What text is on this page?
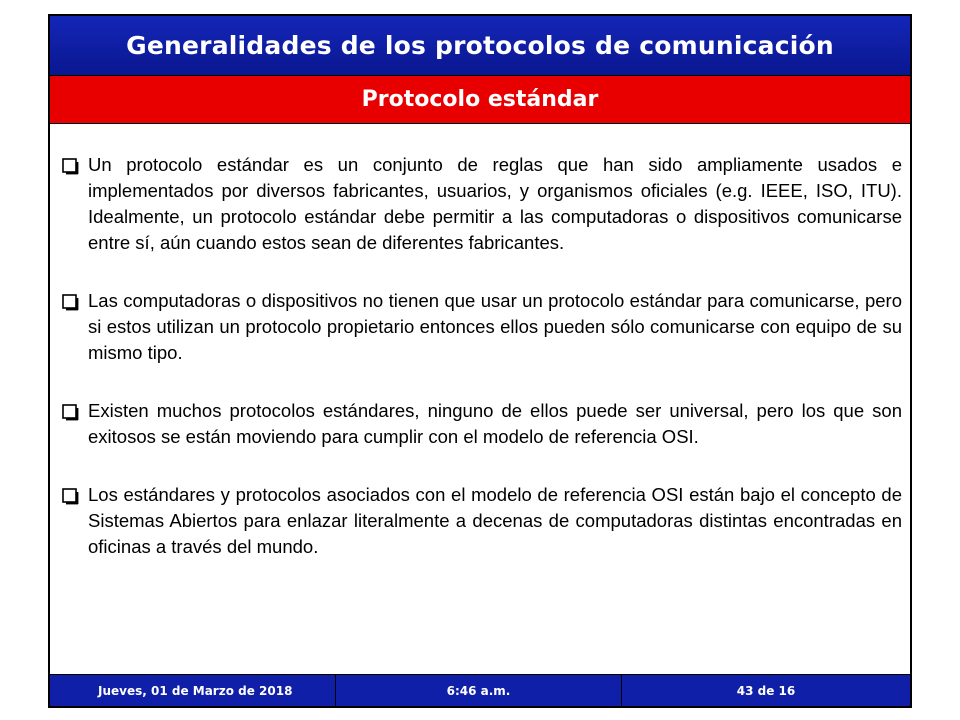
Generalidades de los protocolos de comunicación
Protocolo estándar
Un protocolo estándar es un conjunto de reglas que han sido ampliamente usados e implementados por diversos fabricantes, usuarios, y organismos oficiales (e.g. IEEE, ISO, ITU). Idealmente, un protocolo estándar debe permitir a las computadoras o dispositivos comunicarse entre sí, aún cuando estos sean de diferentes fabricantes.
Las computadoras o dispositivos no tienen que usar un protocolo estándar para comunicarse, pero si estos utilizan un protocolo propietario entonces ellos pueden sólo comunicarse con equipo de su mismo tipo.
Existen muchos protocolos estándares, ninguno de ellos puede ser universal, pero los que son exitosos se están moviendo para cumplir con el modelo de referencia OSI.
Los estándares y protocolos asociados con el modelo de referencia OSI están bajo el concepto de Sistemas Abiertos para enlazar literalmente a decenas de computadoras distintas encontradas en oficinas a través del mundo.
Jueves, 01 de Marzo de 2018	6:46 a.m.	43 de 16
